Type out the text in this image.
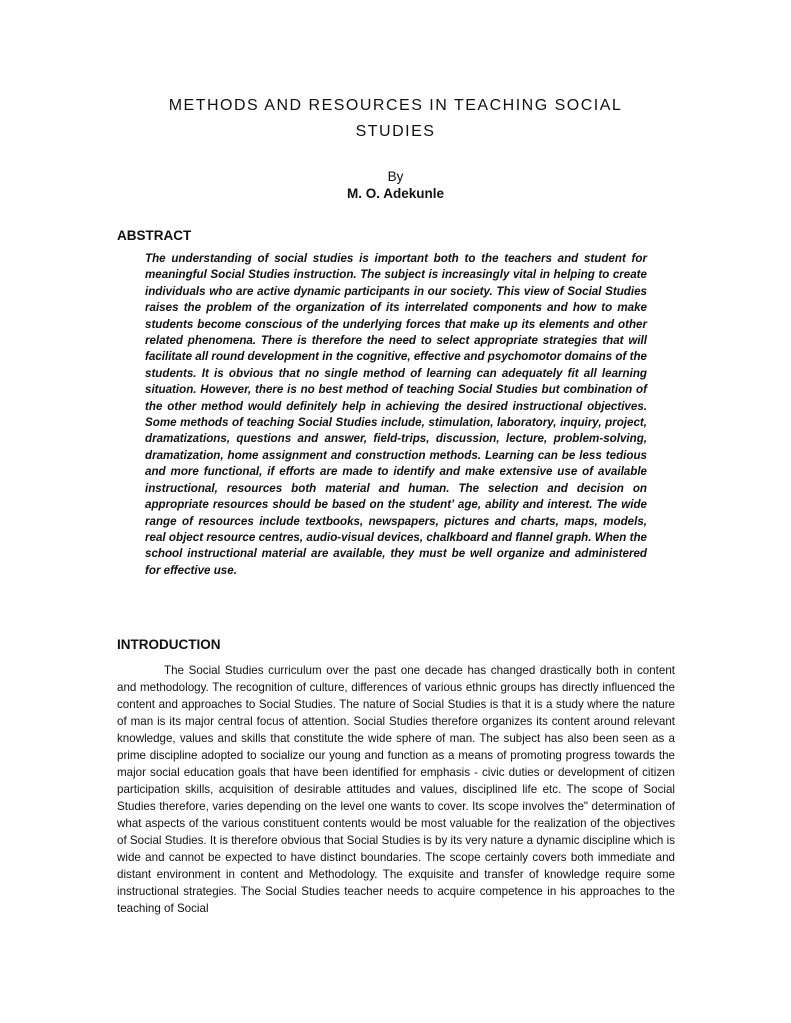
METHODS AND RESOURCES IN TEACHING SOCIAL STUDIES

By

M. O. Adekunle

ABSTRACT

The understanding of social studies is important both to the teachers and student for meaningful Social Studies instruction. The subject is increasingly vital in helping to create individuals who are active dynamic participants in our society. This view of Social Studies raises the problem of the organization of its interrelated components and how to make students become conscious of the underlying forces that make up its elements and other related phenomena. There is therefore the need to select appropriate strategies that will facilitate all round development in the cognitive, effective and psychomotor domains of the students. It is obvious that no single method of learning can adequately fit all learning situation. However, there is no best method of teaching Social Studies but combination of the other method would definitely help in achieving the desired instructional objectives. Some methods of teaching Social Studies include, stimulation, laboratory, inquiry, project, dramatizations, questions and answer, field-trips, discussion, lecture, problem-solving, dramatization, home assignment and construction methods. Learning can be less tedious and more functional, if efforts are made to identify and make extensive use of available instructional, resources both material and human. The selection and decision on appropriate resources should be based on the student’ age, ability and interest. The wide range of resources include textbooks, newspapers, pictures and charts, maps, models, real object resource centres, audio-visual devices, chalkboard and flannel graph. When the school instructional material are available, they must be well organize and administered for effective use.

INTRODUCTION

The Social Studies curriculum over the past one decade has changed drastically both in content and methodology. The recognition of culture, differences of various ethnic groups has directly influenced the content and approaches to Social Studies. The nature of Social Studies is that it is a study where the nature of man is its major central focus of attention. Social Studies therefore organizes its content around relevant knowledge, values and skills that constitute the wide sphere of man. The subject has also been seen as a prime discipline adopted to socialize our young and function as a means of promoting progress towards the major social education goals that have been identified for emphasis - civic duties or development of citizen participation skills, acquisition of desirable attitudes and values, disciplined life etc. The scope of Social Studies therefore, varies depending on the level one wants to cover. Its scope involves the" determination of what aspects of the various constituent contents would be most valuable for the realization of the objectives of Social Studies. It is therefore obvious that Social Studies is by its very nature a dynamic discipline which is wide and cannot be expected to have distinct boundaries. The scope certainly covers both immediate and distant environment in content and Methodology. The exquisite and transfer of knowledge require some instructional strategies. The Social Studies teacher needs to acquire competence in his approaches to the teaching of Social
